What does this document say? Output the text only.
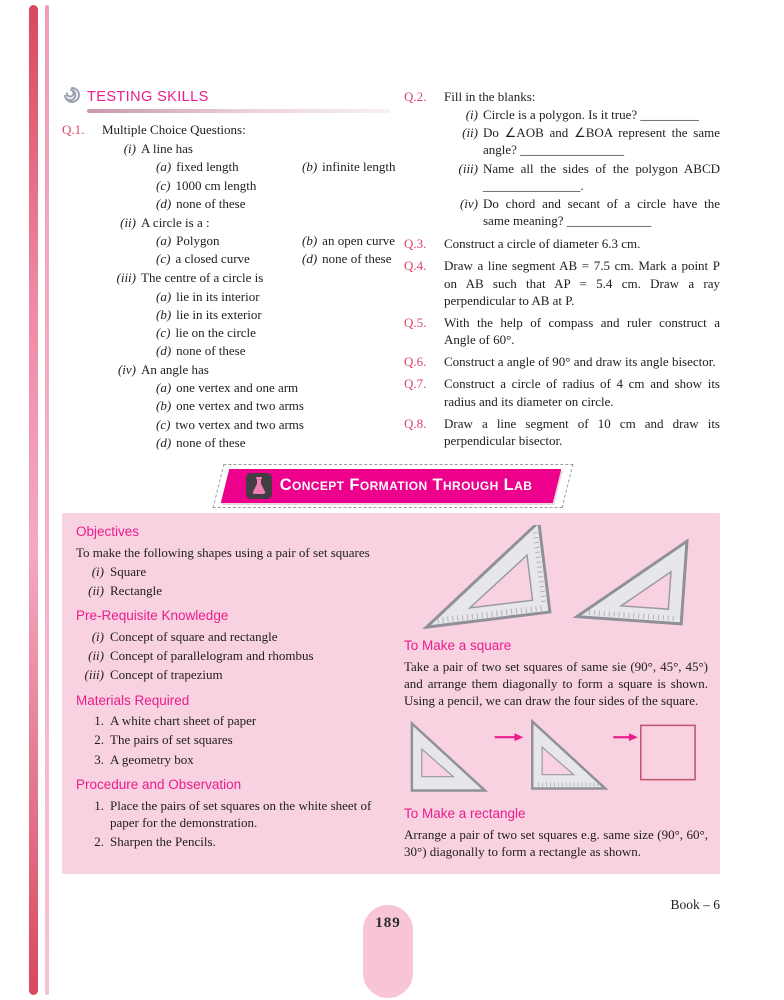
TESTING SKILLS
Q.1.	Multiple Choice Questions:
(i) A line has
(a) fixed length	(b) infinite length
(c) 1000 cm length
(d) none of these
(ii) A circle is a :
(a) Polygon	(b) an open curve
(c) a closed curve	(d) none of these
(iii) The centre of a circle is
(a) lie in its interior
(b) lie in its exterior
(c) lie on the circle
(d) none of these
(iv) An angle has
(a) one vertex and one arm
(b) one vertex and two arms
(c) two vertex and two arms
(d) none of these
Q.2.	Fill in the blanks:
(i) Circle is a polygon. Is it true? _________
(ii) Do ∠AOB and ∠BOA represent the same angle? ________________
(iii) Name all the sides of the polygon ABCD _______________.
(iv) Do chord and secant of a circle have the same meaning? _____________
Q.3.	Construct a circle of diameter 6.3 cm.
Q.4.	Draw a line segment AB = 7.5 cm. Mark a point P on AB such that AP = 5.4 cm. Draw a ray perpendicular to AB at P.
Q.5.	With the help of compass and ruler construct a Angle of 60°.
Q.6.	Construct a angle of 90° and draw its angle bisector.
Q.7.	Construct a circle of radius of 4 cm and show its radius and its diameter on circle.
Q.8.	Draw a line segment of 10 cm and draw its perpendicular bisector.
Concept Formation Through Lab
Objectives
To make the following shapes using a pair of set squares
(i) Square
(ii) Rectangle
Pre-Requisite Knowledge
(i) Concept of square and rectangle
(ii) Concept of parallelogram and rhombus
(iii) Concept of trapezium
Materials Required
1. A white chart sheet of paper
2. The pairs of set squares
3. A geometry box
Procedure and Observation
1. Place the pairs of set squares on the white sheet of paper for the demonstration.
2. Sharpen the Pencils.
To Make a square
Take a pair of two set squares of same sie (90°, 45°, 45°) and arrange them diagonally to form a square is shown. Using a pencil, we can draw the four sides of the square.
To Make a rectangle
Arrange a pair of two set squares e.g. same size (90°, 60°, 30°) diagonally to form a rectangle as shown.
Book – 6
189
